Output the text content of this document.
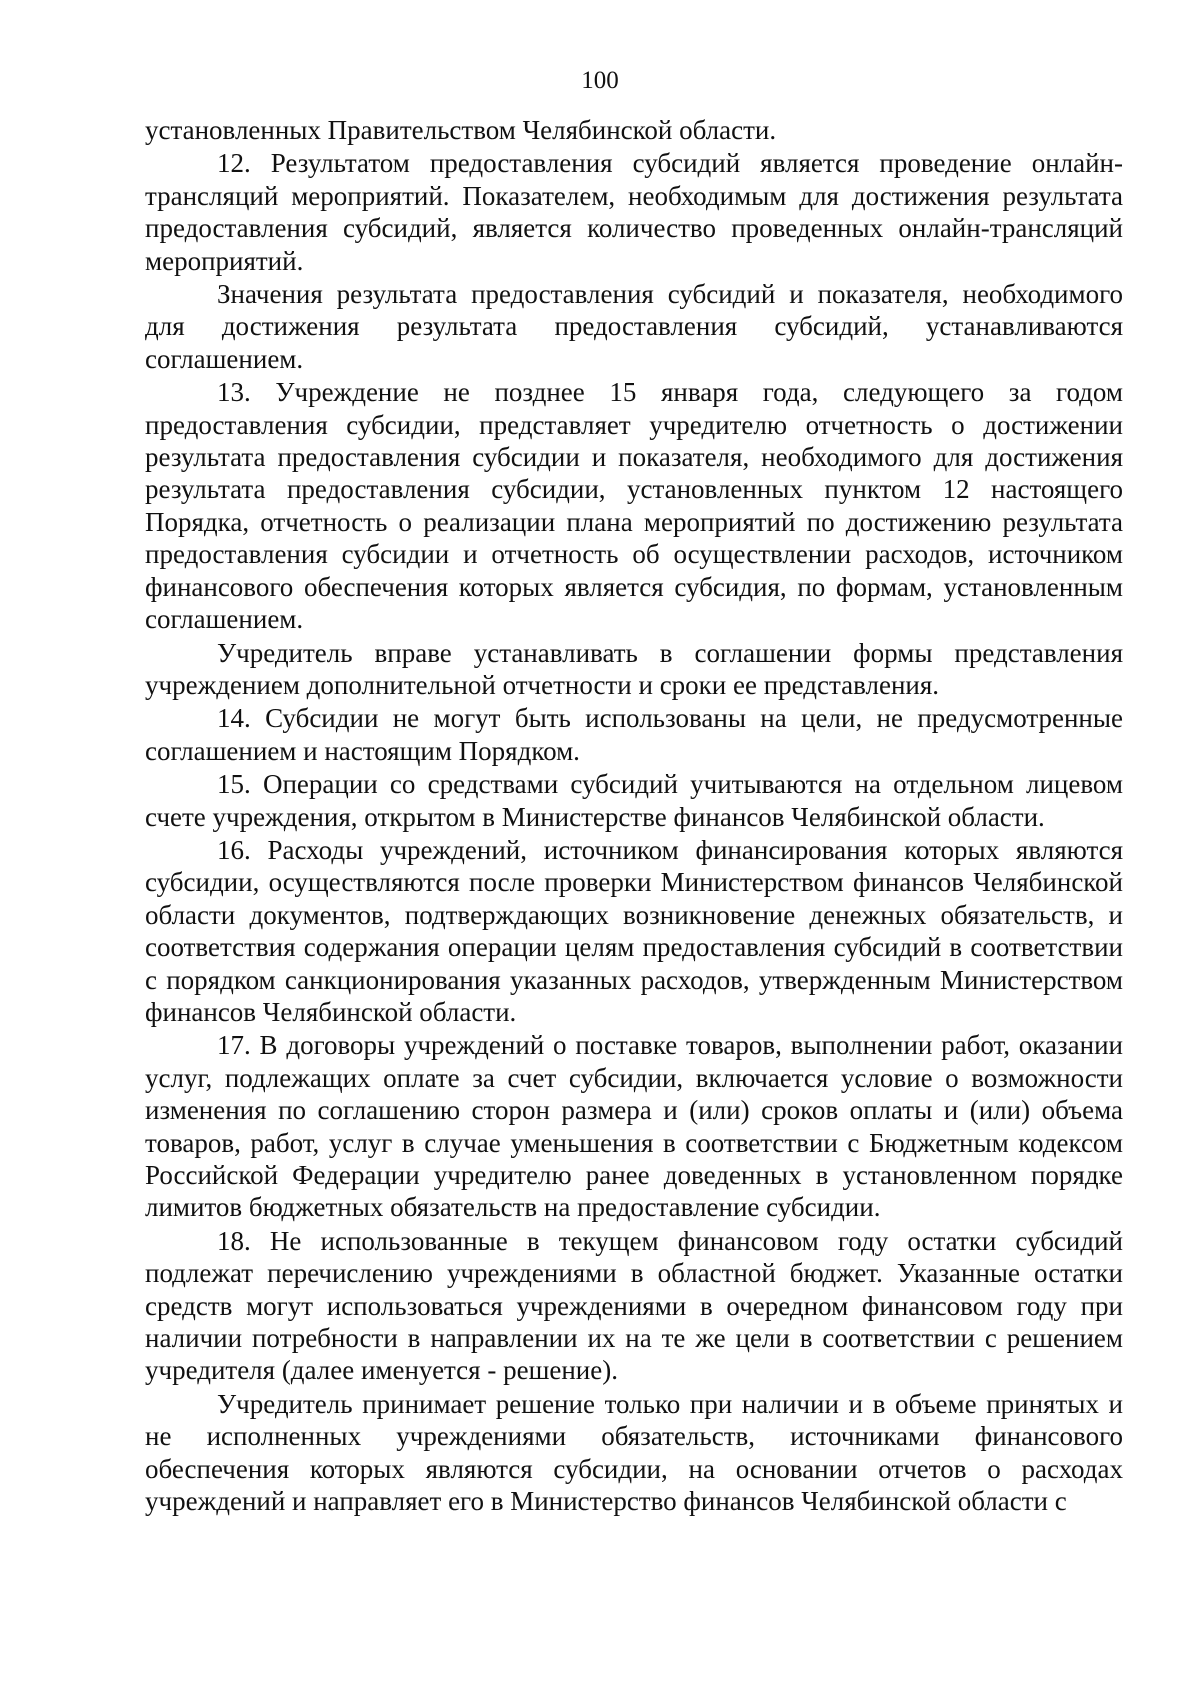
100

установленных Правительством Челябинской области.

12. Результатом предоставления субсидий является проведение онлайн-трансляций мероприятий. Показателем, необходимым для достижения результата предоставления субсидий, является количество проведенных онлайн-трансляций мероприятий.

Значения результата предоставления субсидий и показателя, необходимого для достижения результата предоставления субсидий, устанавливаются соглашением.

13. Учреждение не позднее 15 января года, следующего за годом предоставления субсидии, представляет учредителю отчетность о достижении результата предоставления субсидии и показателя, необходимого для достижения результата предоставления субсидии, установленных пунктом 12 настоящего Порядка, отчетность о реализации плана мероприятий по достижению результата предоставления субсидии и отчетность об осуществлении расходов, источником финансового обеспечения которых является субсидия, по формам, установленным соглашением.

Учредитель вправе устанавливать в соглашении формы представления учреждением дополнительной отчетности и сроки ее представления.

14. Субсидии не могут быть использованы на цели, не предусмотренные соглашением и настоящим Порядком.

15. Операции со средствами субсидий учитываются на отдельном лицевом счете учреждения, открытом в Министерстве финансов Челябинской области.

16. Расходы учреждений, источником финансирования которых являются субсидии, осуществляются после проверки Министерством финансов Челябинской области документов, подтверждающих возникновение денежных обязательств, и соответствия содержания операции целям предоставления субсидий в соответствии с порядком санкционирования указанных расходов, утвержденным Министерством финансов Челябинской области.

17. В договоры учреждений о поставке товаров, выполнении работ, оказании услуг, подлежащих оплате за счет субсидии, включается условие о возможности изменения по соглашению сторон размера и (или) сроков оплаты и (или) объема товаров, работ, услуг в случае уменьшения в соответствии с Бюджетным кодексом Российской Федерации учредителю ранее доведенных в установленном порядке лимитов бюджетных обязательств на предоставление субсидии.

18. Не использованные в текущем финансовом году остатки субсидий подлежат перечислению учреждениями в областной бюджет. Указанные остатки средств могут использоваться учреждениями в очередном финансовом году при наличии потребности в направлении их на те же цели в соответствии с решением учредителя (далее именуется - решение).

Учредитель принимает решение только при наличии и в объеме принятых и не исполненных учреждениями обязательств, источниками финансового обеспечения которых являются субсидии, на основании отчетов о расходах учреждений и направляет его в Министерство финансов Челябинской области с
